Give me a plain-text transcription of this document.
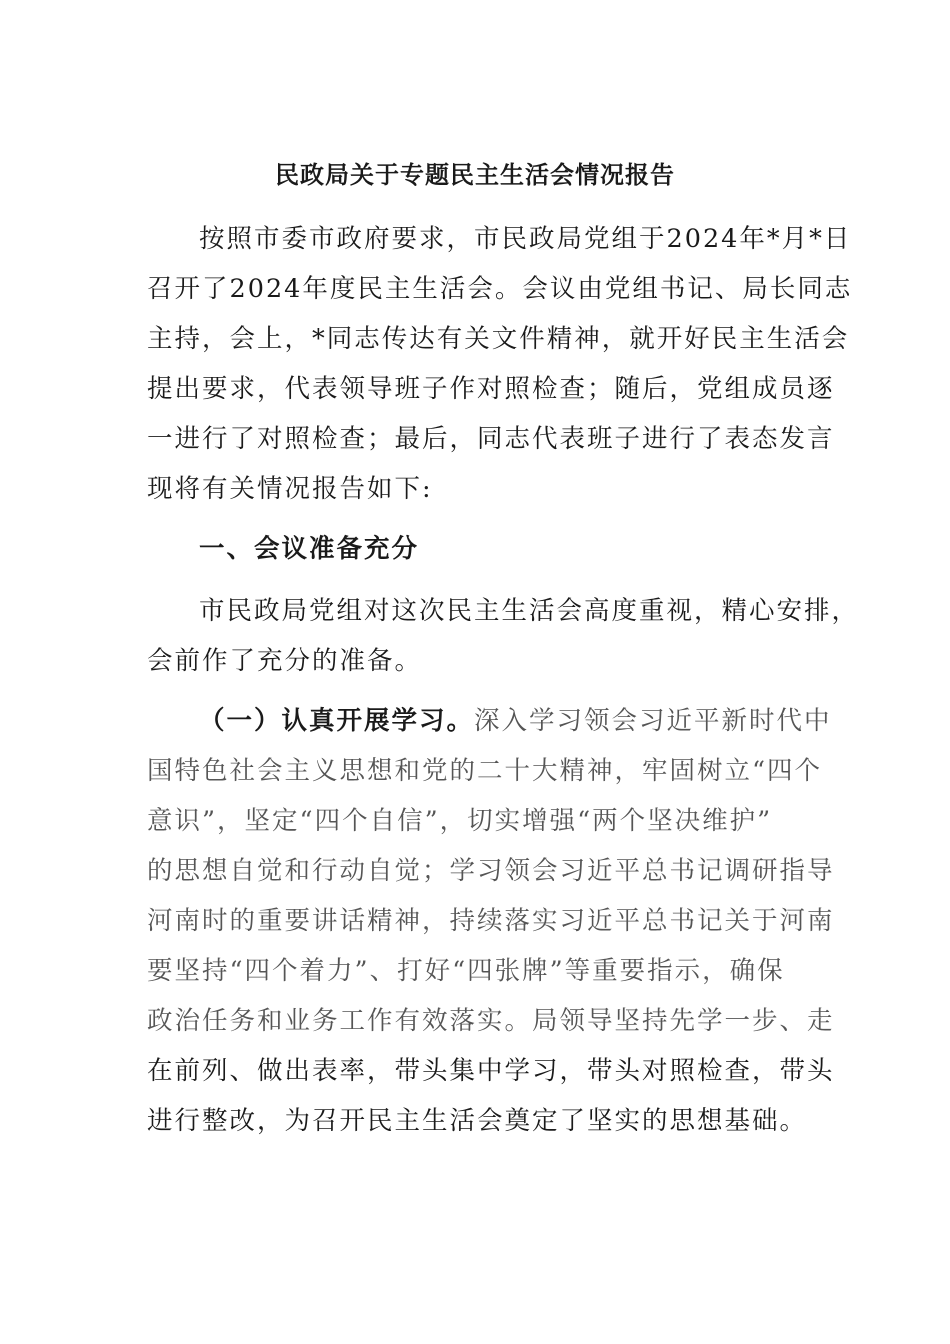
民政局关于专题民主生活会情况报告
按照市委市政府要求，市民政局党组于2024年*月*日
召开了2024年度民主生活会。会议由党组书记、局长同志
主持，会上，*同志传达有关文件精神，就开好民主生活会
提出要求，代表领导班子作对照检查；随后，党组成员逐
一进行了对照检查；最后，同志代表班子进行了表态发言
现将有关情况报告如下:
一、会议准备充分
市民政局党组对这次民主生活会高度重视，精心安排，
会前作了充分的准备。
（一）认真开展学习。深入学习领会习近平新时代中
国特色社会主义思想和党的二十大精神，牢固树立“四个
意识”，坚定“四个自信”，切实增强“两个坚决维护”
的思想自觉和行动自觉；学习领会习近平总书记调研指导
河南时的重要讲话精神，持续落实习近平总书记关于河南
要坚持“四个着力”、打好“四张牌”等重要指示，确保
政治任务和业务工作有效落实。局领导坚持先学一步、走
在前列、做出表率，带头集中学习，带头对照检查，带头
进行整改，为召开民主生活会奠定了坚实的思想基础。
